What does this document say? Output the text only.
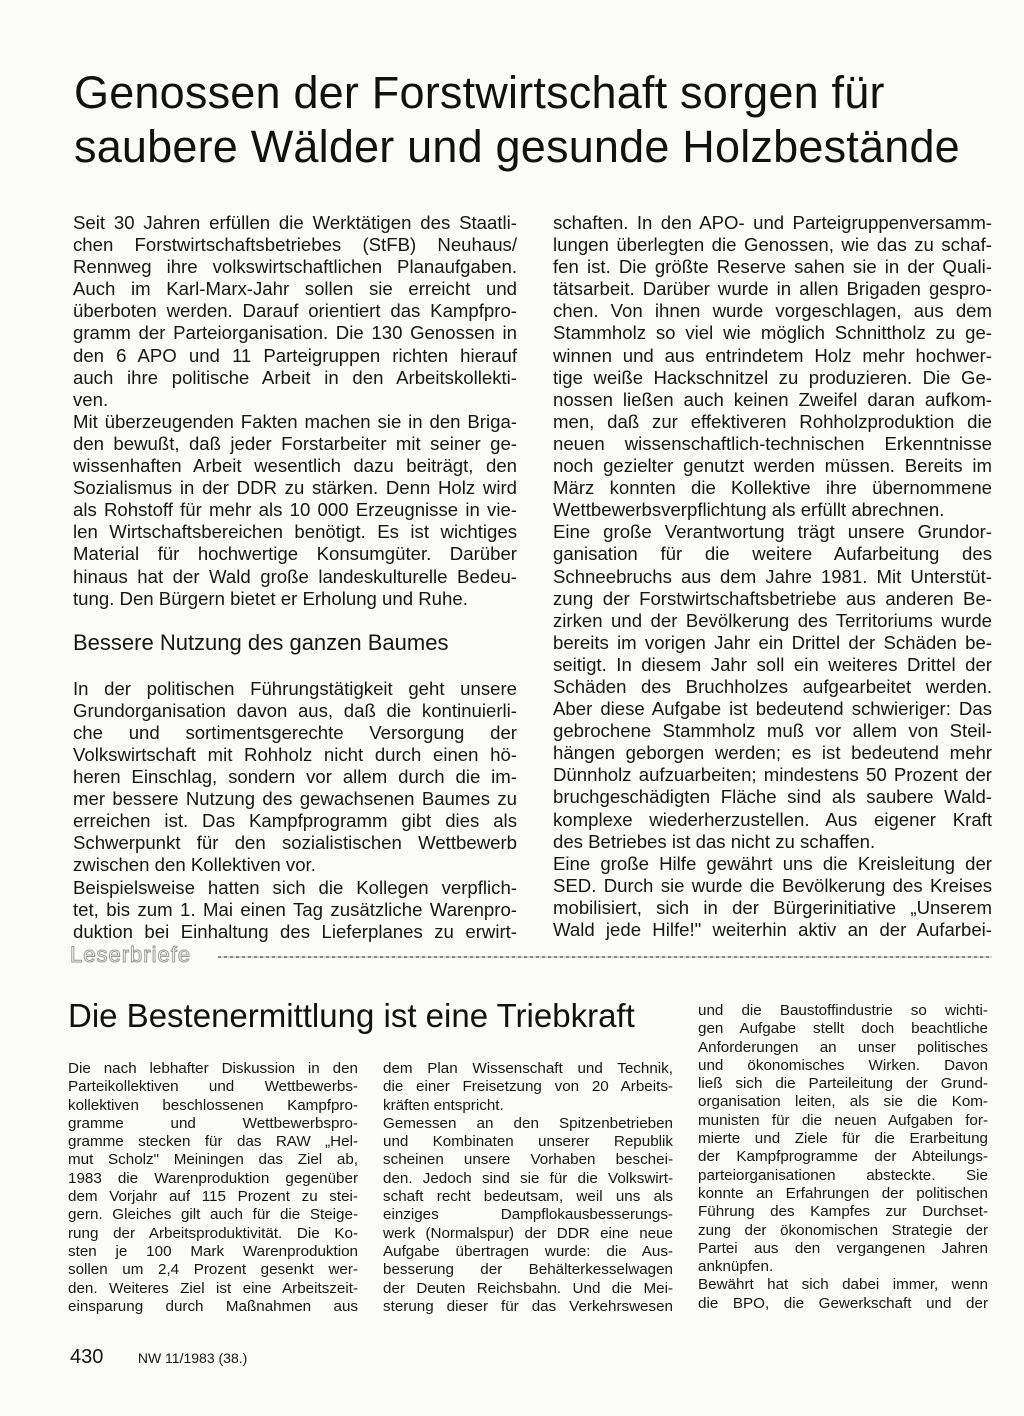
Genossen der Forstwirtschaft sorgen für
saubere Wälder und gesunde Holzbestände

Seit 30 Jahren erfüllen die Werktätigen des Staatli-

chen Forstwirtschaftsbetriebes (StFB) Neuhaus/

Rennweg ihre volkswirtschaftlichen Planaufgaben.

Auch im Karl-Marx-Jahr sollen sie erreicht und

überboten werden. Darauf orientiert das Kampfpro-

gramm der Parteiorganisation. Die 130 Genossen in

den 6 APO und 11 Parteigruppen richten hierauf

auch ihre politische Arbeit in den Arbeitskollekti-

ven.

Mit überzeugenden Fakten machen sie in den Briga-

den bewußt, daß jeder Forstarbeiter mit seiner ge-

wissenhaften Arbeit wesentlich dazu beiträgt, den

Sozialismus in der DDR zu stärken. Denn Holz wird

als Rohstoff für mehr als 10 000 Erzeugnisse in vie-

len Wirtschaftsbereichen benötigt. Es ist wichtiges

Material für hochwertige Konsumgüter. Darüber

hinaus hat der Wald große landeskulturelle Bedeu-

tung. Den Bürgern bietet er Erholung und Ruhe.

Bessere Nutzung des ganzen Baumes

In der politischen Führungstätigkeit geht unsere

Grundorganisation davon aus, daß die kontinuierli-

che und sortimentsgerechte Versorgung der

Volkswirtschaft mit Rohholz nicht durch einen hö-

heren Einschlag, sondern vor allem durch die im-

mer bessere Nutzung des gewachsenen Baumes zu

erreichen ist. Das Kampfprogramm gibt dies als

Schwerpunkt für den sozialistischen Wettbewerb

zwischen den Kollektiven vor.

Beispielsweise hatten sich die Kollegen verpflich-

tet, bis zum 1. Mai einen Tag zusätzliche Warenpro-

duktion bei Einhaltung des Lieferplanes zu erwirt-

schaften. In den APO- und Parteigruppenversamm-

lungen überlegten die Genossen, wie das zu schaf-

fen ist. Die größte Reserve sahen sie in der Quali-

tätsarbeit. Darüber wurde in allen Brigaden gespro-

chen. Von ihnen wurde vorgeschlagen, aus dem

Stammholz so viel wie möglich Schnittholz zu ge-

winnen und aus entrindetem Holz mehr hochwer-

tige weiße Hackschnitzel zu produzieren. Die Ge-

nossen ließen auch keinen Zweifel daran aufkom-

men, daß zur effektiveren Rohholzproduktion die

neuen wissenschaftlich-technischen Erkenntnisse

noch gezielter genutzt werden müssen. Bereits im

März konnten die Kollektive ihre übernommene

Wettbewerbsverpflichtung als erfüllt abrechnen.

Eine große Verantwortung trägt unsere Grundor-

ganisation für die weitere Aufarbeitung des

Schneebruchs aus dem Jahre 1981. Mit Unterstüt-

zung der Forstwirtschaftsbetriebe aus anderen Be-

zirken und der Bevölkerung des Territoriums wurde

bereits im vorigen Jahr ein Drittel der Schäden be-

seitigt. In diesem Jahr soll ein weiteres Drittel der

Schäden des Bruchholzes aufgearbeitet werden.

Aber diese Aufgabe ist bedeutend schwieriger: Das

gebrochene Stammholz muß vor allem von Steil-

hängen geborgen werden; es ist bedeutend mehr

Dünnholz aufzuarbeiten; mindestens 50 Prozent der

bruchgeschädigten Fläche sind als saubere Wald-

komplexe wiederherzustellen. Aus eigener Kraft

des Betriebes ist das nicht zu schaffen.

Eine große Hilfe gewährt uns die Kreisleitung der

SED. Durch sie wurde die Bevölkerung des Kreises

mobilisiert, sich in der Bürgerinitiative „Unserem

Wald jede Hilfe!" weiterhin aktiv an der Aufarbei-

Leserbriefe
Die Bestenermittlung ist eine Triebkraft

Die nach lebhafter Diskussion in den

Parteikollektiven und Wettbewerbs-

kollektiven beschlossenen Kampfpro-

gramme und Wettbewerbspro-

gramme stecken für das RAW „Hel-

mut Scholz" Meiningen das Ziel ab,

1983 die Warenproduktion gegenüber

dem Vorjahr auf 115 Prozent zu stei-

gern. Gleiches gilt auch für die Steige-

rung der Arbeitsproduktivität. Die Ko-

sten je 100 Mark Warenproduktion

sollen um 2,4 Prozent gesenkt wer-

den. Weiteres Ziel ist eine Arbeitszeit-

einsparung durch Maßnahmen aus

dem Plan Wissenschaft und Technik,

die einer Freisetzung von 20 Arbeits-

kräften entspricht.

Gemessen an den Spitzenbetrieben

und Kombinaten unserer Republik

scheinen unsere Vorhaben beschei-

den. Jedoch sind sie für die Volkswirt-

schaft recht bedeutsam, weil uns als

einziges Dampflokausbesserungs-

werk (Normalspur) der DDR eine neue

Aufgabe übertragen wurde: die Aus-

besserung der Behälterkesselwagen

der Deuten Reichsbahn. Und die Mei-

sterung dieser für das Verkehrswesen

und die Baustoffindustrie so wichti-

gen Aufgabe stellt doch beachtliche

Anforderungen an unser politisches

und ökonomisches Wirken. Davon

ließ sich die Parteileitung der Grund-

organisation leiten, als sie die Kom-

munisten für die neuen Aufgaben for-

mierte und Ziele für die Erarbeitung

der Kampfprogramme der Abteilungs-

parteiorganisationen absteckte. Sie

konnte an Erfahrungen der politischen

Führung des Kampfes zur Durchset-

zung der ökonomischen Strategie der

Partei aus den vergangenen Jahren

anknüpfen.

Bewährt hat sich dabei immer, wenn

die BPO, die Gewerkschaft und der

430 NW 11/1983 (38.)
